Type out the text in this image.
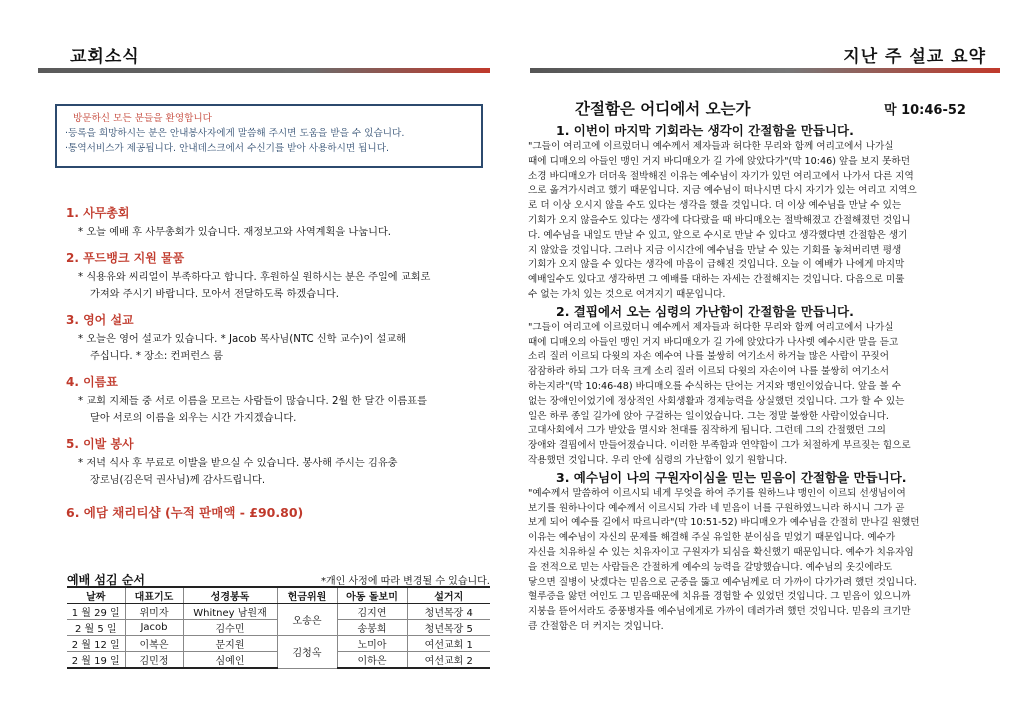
교회소식	지난 주 설교 요약
방문하신 모든 분들을 환영합니다
·등록을 희망하시는 분은 안내봉사자에게 말씀해 주시면 도움을 받을 수 있습니다.
·통역서비스가 제공됩니다. 안내데스크에서 수신기를 받아 사용하시면 됩니다.
1. 사무총회

* 오늘 예배 후 사무총회가 있습니다. 재정보고와 사역계획을 나눕니다.

2. 푸드뱅크 지원 물품

* 식용유와 씨리얼이 부족하다고 합니다. 후원하실 원하시는 분은 주일에 교회로

가져와 주시기 바랍니다. 모아서 전달하도록 하겠습니다.

3. 영어 설교

* 오늘은 영어 설교가 있습니다. * Jacob 목사님(NTC 신학 교수)이 설교해

주십니다. * 장소: 컨퍼런스 룸

4. 이름표

* 교회 지체들 중 서로 이름을 모르는 사람들이 많습니다. 2월 한 달간 이름표를

달아 서로의 이름을 외우는 시간 가지겠습니다.

5. 이발 봉사

* 저녁 식사 후 무료로 이발을 받으실 수 있습니다. 봉사해 주시는 김유충

장로님(김은덕 권사님)께 감사드립니다.

6. 에담 채리티샵 (누적 판매액 - £90.80)
예배 섬김 순서	*개인 사정에 따라 변경될 수 있습니다.
날짜	대표기도	성경봉독	헌금위원	아동 돌보미	설거지
1 월 29 일	위미자	Whitney 남원재	오송은	김지연	청년목장 4
2 월 5 일	Jacob	김수민		송봉희	청년목장 5
2 월 12 일	이복은	문지원	김청옥	노미아	여선교회 1
2 월 19 일	김민정	심예인		이하은	여선교회 2
간절함은 어디에서 오는가	막 10:46-52
1. 이번이 마지막 기회라는 생각이 간절함을 만듭니다.
"그들이 여리고에 이르렀더니 예수께서 제자들과 허다한 무리와 함께 여리고에서 나가실
때에 디매오의 아들인 맹인 거지 바디매오가 길 가에 앉았다가"(막 10:46) 앞을 보지 못하던
소경 바디매오가 더더욱 절박해진 이유는 예수님이 자기가 있던 여리고에서 나가서 다른 지역
으로 옮겨가시려고 했기 때문입니다. 지금 예수님이 떠나시면 다시 자기가 있는 여리고 지역으
로 더 이상 오시지 않을 수도 있다는 생각을 했을 것입니다. 더 이상 예수님을 만날 수 있는
기회가 오지 않을수도 있다는 생각에 다다랐을 때 바디매오는 절박해졌고 간절해졌던 것입니
다. 예수님을 내일도 만날 수 있고, 앞으로 수시로 만날 수 있다고 생각했다면 간절함은 생기
지 않았을 것입니다. 그러나 지금 이시간에 예수님을 만날 수 있는 기회를 놓쳐버리면 평생
기회가 오지 않을 수 있다는 생각에 마음이 급해진 것입니다. 오늘 이 예배가 나에게 마지막
예배일수도 있다고 생각하면 그 예배를 대하는 자세는 간절해지는 것입니다. 다음으로 미룰
수 없는 가치 있는 것으로 여겨지기 때문입니다.
2. 결핍에서 오는 심령의 가난함이 간절함을 만듭니다.
"그들이 여리고에 이르렀더니 예수께서 제자들과 허다한 무리와 함께 여리고에서 나가실
때에 디매오의 아들인 맹인 거지 바디매오가 길 가에 앉았다가 나사렛 예수시란 말을 듣고
소리 질러 이르되 다윗의 자손 예수여 나를 불쌍히 여기소서 하거늘 많은 사람이 꾸짖어
잠잠하라 하되 그가 더욱 크게 소리 질러 이르되 다윗의 자손이여 나를 불쌍히 여기소서
하는지라"(막 10:46-48) 바디매오를 수식하는 단어는 거지와 맹인이었습니다. 앞을 볼 수
없는 장애인이었기에 정상적인 사회생활과 경제능력을 상실했던 것입니다. 그가 할 수 있는
일은 하루 종일 길가에 앉아 구걸하는 일이었습니다. 그는 정말 불쌍한 사람이었습니다.
고대사회에서 그가 받았을 멸시와 천대를 짐작하게 됩니다. 그런데 그의 간절했던 그의
장애와 결핍에서 만들어졌습니다. 이러한 부족함과 연약함이 그가 처절하게 부르짖는 힘으로
작용했던 것입니다. 우리 안에 심령의 가난함이 있기 원합니다.
3. 예수님이 나의 구원자이심을 믿는 믿음이 간절함을 만듭니다.
"예수께서 말씀하여 이르시되 네게 무엇을 하여 주기를 원하느냐 맹인이 이르되 선생님이여
보기를 원하나이다 예수께서 이르시되 가라 네 믿음이 너를 구원하였느니라 하시니 그가 곧
보게 되어 예수를 길에서 따르니라"(막 10:51-52) 바디매오가 예수님을 간절히 만나길 원했던
이유는 예수님이 자신의 문제를 해결해 주실 유일한 분이심을 믿었기 때문입니다. 예수가
자신을 치유하실 수 있는 치유자이고 구원자가 되심을 확신했기 때문입니다. 예수가 치유자임
을 전적으로 믿는 사람들은 간절하게 예수의 능력을 갈망했습니다. 예수님의 옷깃에라도
닿으면 질병이 낫겠다는 믿음으로 군중을 뚫고 예수님께로 더 가까이 다가가려 했던 것입니다.
혈루증을 앓던 여인도 그 믿음때문에 치유를 경험할 수 있었던 것입니다. 그 믿음이 있으니까
지붕을 뜯어서라도 중풍병자를 예수님에게로 가까이 데려가려 했던 것입니다. 믿음의 크기만
큼 간절함은 더 커지는 것입니다.
